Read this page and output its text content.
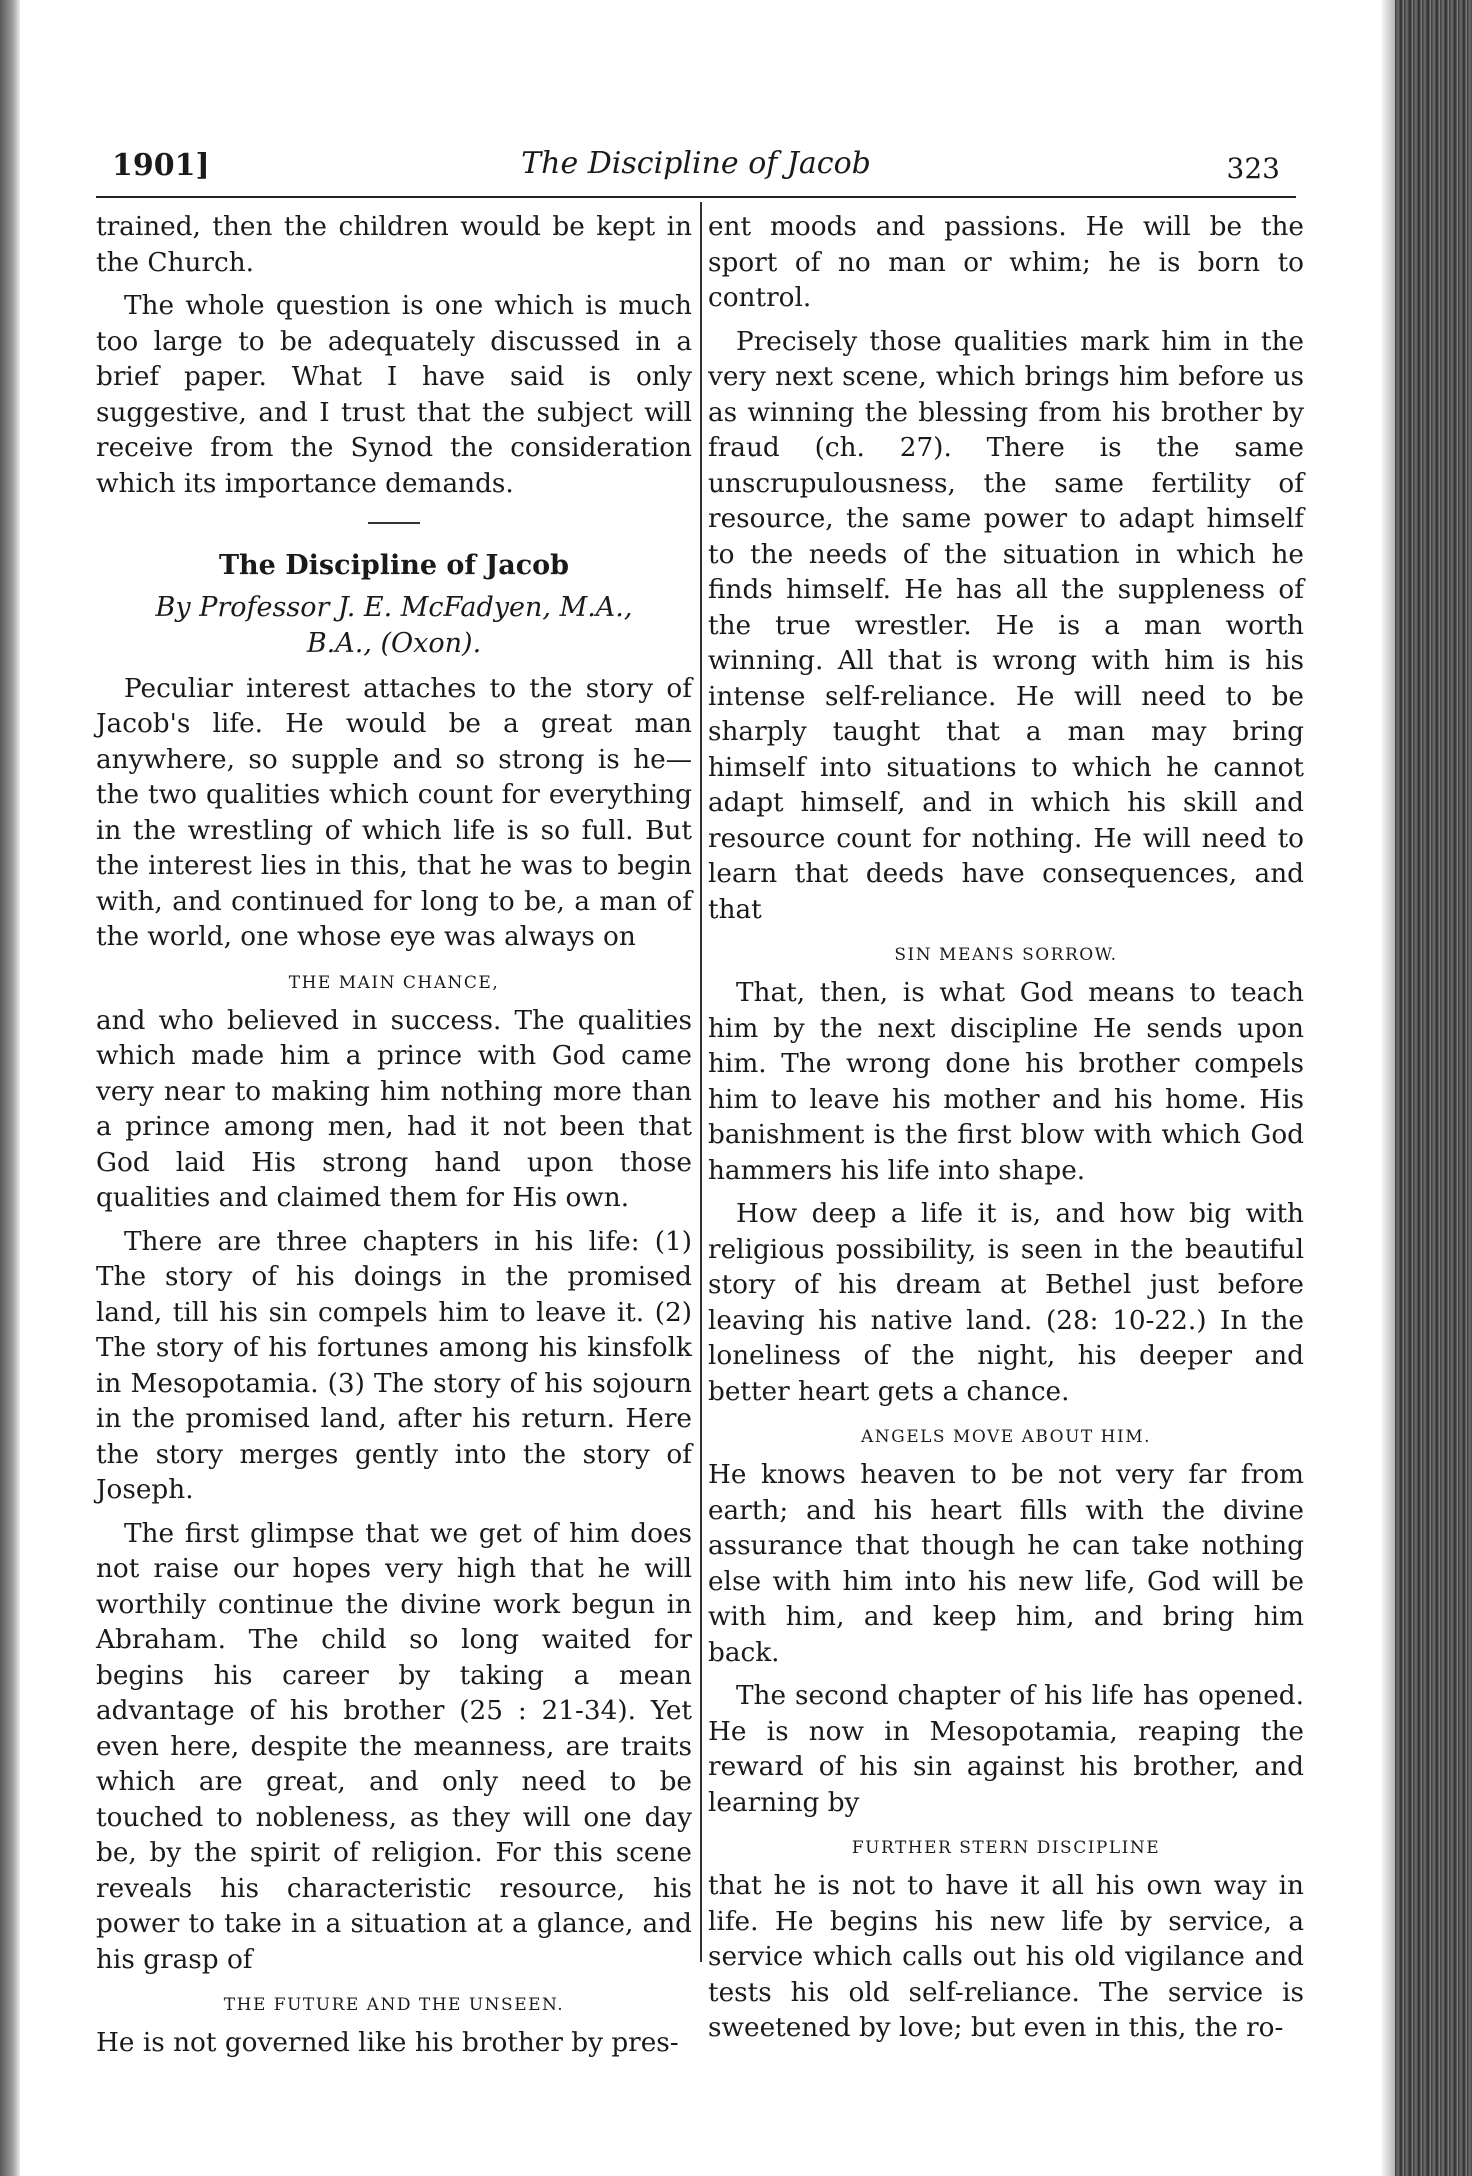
1901]	The Discipline of Jacob	323

trained, then the children would be kept in the Church.

The whole question is one which is much too large to be adequately discussed in a brief paper. What I have said is only suggestive, and I trust that the subject will receive from the Synod the consideration which its importance demands.

The Discipline of Jacob

By Professor J. E. McFadyen, M.A.,
B.A., (Oxon).

Peculiar interest attaches to the story of Jacob's life. He would be a great man anywhere, so supple and so strong is he—the two qualities which count for everything in the wrestling of which life is so full. But the interest lies in this, that he was to begin with, and continued for long to be, a man of the world, one whose eye was always on

THE MAIN CHANCE,

and who believed in success. The qualities which made him a prince with God came very near to making him nothing more than a prince among men, had it not been that God laid His strong hand upon those qualities and claimed them for His own.

There are three chapters in his life: (1) The story of his doings in the promised land, till his sin compels him to leave it. (2) The story of his fortunes among his kinsfolk in Mesopotamia. (3) The story of his sojourn in the promised land, after his return. Here the story merges gently into the story of Joseph.

The first glimpse that we get of him does not raise our hopes very high that he will worthily continue the divine work begun in Abraham. The child so long waited for begins his career by taking a mean advantage of his brother (25 : 21-34). Yet even here, despite the meanness, are traits which are great, and only need to be touched to nobleness, as they will one day be, by the spirit of religion. For this scene reveals his characteristic resource, his power to take in a situation at a glance, and his grasp of

THE FUTURE AND THE UNSEEN.

He is not governed like his brother by pres-

ent moods and passions. He will be the sport of no man or whim; he is born to control.

Precisely those qualities mark him in the very next scene, which brings him before us as winning the blessing from his brother by fraud (ch. 27). There is the same unscrupulousness, the same fertility of resource, the same power to adapt himself to the needs of the situation in which he finds himself. He has all the suppleness of the true wrestler. He is a man worth winning. All that is wrong with him is his intense self-reliance. He will need to be sharply taught that a man may bring himself into situations to which he cannot adapt himself, and in which his skill and resource count for nothing. He will need to learn that deeds have consequences, and that

SIN MEANS SORROW.

That, then, is what God means to teach him by the next discipline He sends upon him. The wrong done his brother compels him to leave his mother and his home. His banishment is the first blow with which God hammers his life into shape.

How deep a life it is, and how big with religious possibility, is seen in the beautiful story of his dream at Bethel just before leaving his native land. (28: 10-22.) In the loneliness of the night, his deeper and better heart gets a chance.

ANGELS MOVE ABOUT HIM.

He knows heaven to be not very far from earth; and his heart fills with the divine assurance that though he can take nothing else with him into his new life, God will be with him, and keep him, and bring him back.

The second chapter of his life has opened. He is now in Mesopotamia, reaping the reward of his sin against his brother, and learning by

FURTHER STERN DISCIPLINE

that he is not to have it all his own way in life. He begins his new life by service, a service which calls out his old vigilance and tests his old self-reliance. The service is sweetened by love; but even in this, the ro-
